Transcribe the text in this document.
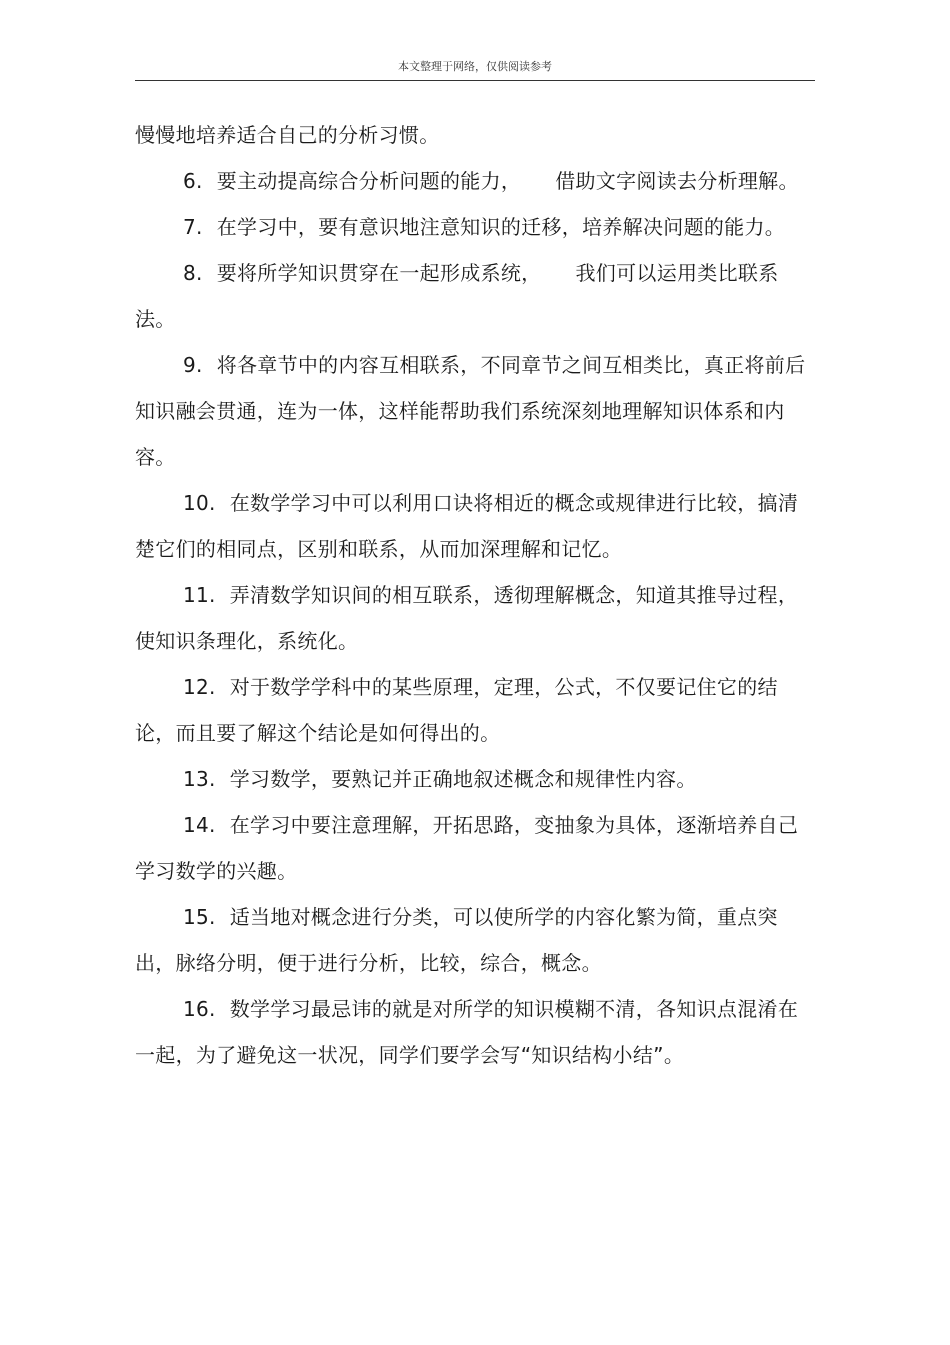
本文整理于网络，仅供阅读参考

慢慢地培养适合自己的分析习惯。

6. 要主动提高综合分析问题的能力， 借助文字阅读去分析理解。

7. 在学习中，要有意识地注意知识的迁移，培养解决问题的能力。

8. 要将所学知识贯穿在一起形成系统， 我们可以运用类比联系法。

9. 将各章节中的内容互相联系，不同章节之间互相类比，真正将前后知识融会贯通，连为一体，这样能帮助我们系统深刻地理解知识体系和内容。

10. 在数学学习中可以利用口诀将相近的概念或规律进行比较，搞清楚它们的相同点，区别和联系，从而加深理解和记忆。

11. 弄清数学知识间的相互联系，透彻理解概念，知道其推导过程，使知识条理化，系统化。

12. 对于数学学科中的某些原理，定理，公式，不仅要记住它的结论，而且要了解这个结论是如何得出的。

13. 学习数学，要熟记并正确地叙述概念和规律性内容。

14. 在学习中要注意理解，开拓思路，变抽象为具体，逐渐培养自己学习数学的兴趣。

15. 适当地对概念进行分类，可以使所学的内容化繁为简，重点突出，脉络分明，便于进行分析，比较，综合，概念。

16. 数学学习最忌讳的就是对所学的知识模糊不清，各知识点混淆在一起，为了避免这一状况，同学们要学会写“知识结构小结”。
